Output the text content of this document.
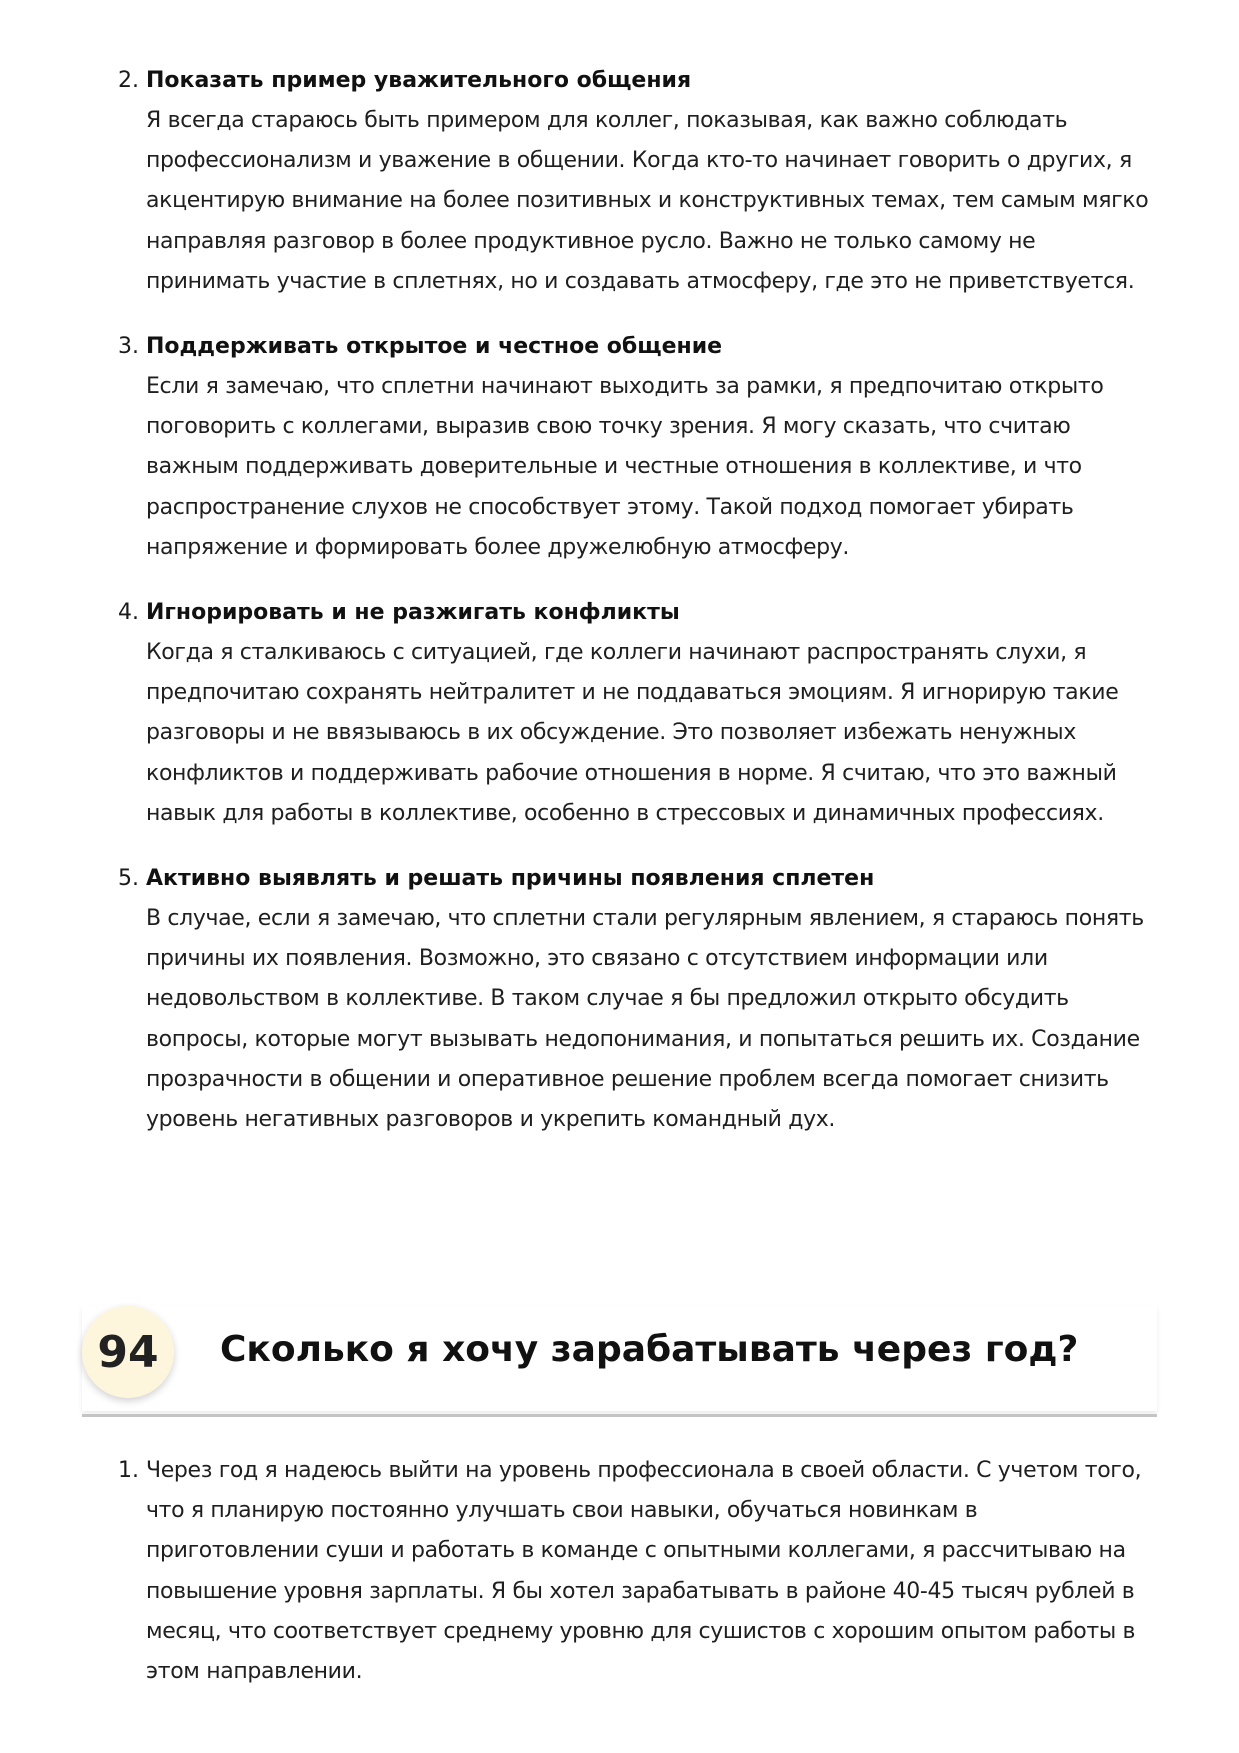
2. Показать пример уважительного общения

Я всегда стараюсь быть примером для коллег, показывая, как важно соблюдать

профессионализм и уважение в общении. Когда кто-то начинает говорить о других, я

акцентирую внимание на более позитивных и конструктивных темах, тем самым мягко

направляя разговор в более продуктивное русло. Важно не только самому не

принимать участие в сплетнях, но и создавать атмосферу, где это не приветствуется.

3. Поддерживать открытое и честное общение

Если я замечаю, что сплетни начинают выходить за рамки, я предпочитаю открыто

поговорить с коллегами, выразив свою точку зрения. Я могу сказать, что считаю

важным поддерживать доверительные и честные отношения в коллективе, и что

распространение слухов не способствует этому. Такой подход помогает убирать

напряжение и формировать более дружелюбную атмосферу.

4. Игнорировать и не разжигать конфликты

Когда я сталкиваюсь с ситуацией, где коллеги начинают распространять слухи, я

предпочитаю сохранять нейтралитет и не поддаваться эмоциям. Я игнорирую такие

разговоры и не ввязываюсь в их обсуждение. Это позволяет избежать ненужных

конфликтов и поддерживать рабочие отношения в норме. Я считаю, что это важный

навык для работы в коллективе, особенно в стрессовых и динамичных профессиях.

5. Активно выявлять и решать причины появления сплетен

В случае, если я замечаю, что сплетни стали регулярным явлением, я стараюсь понять

причины их появления. Возможно, это связано с отсутствием информации или

недовольством в коллективе. В таком случае я бы предложил открыто обсудить

вопросы, которые могут вызывать недопонимания, и попытаться решить их. Создание

прозрачности в общении и оперативное решение проблем всегда помогает снизить

уровень негативных разговоров и укрепить командный дух.

94	Сколько я хочу зарабатывать через год?
1. Через год я надеюсь выйти на уровень профессионала в своей области. С учетом того,

что я планирую постоянно улучшать свои навыки, обучаться новинкам в

приготовлении суши и работать в команде с опытными коллегами, я рассчитываю на

повышение уровня зарплаты. Я бы хотел зарабатывать в районе 40-45 тысяч рублей в

месяц, что соответствует среднему уровню для сушистов с хорошим опытом работы в

этом направлении.
